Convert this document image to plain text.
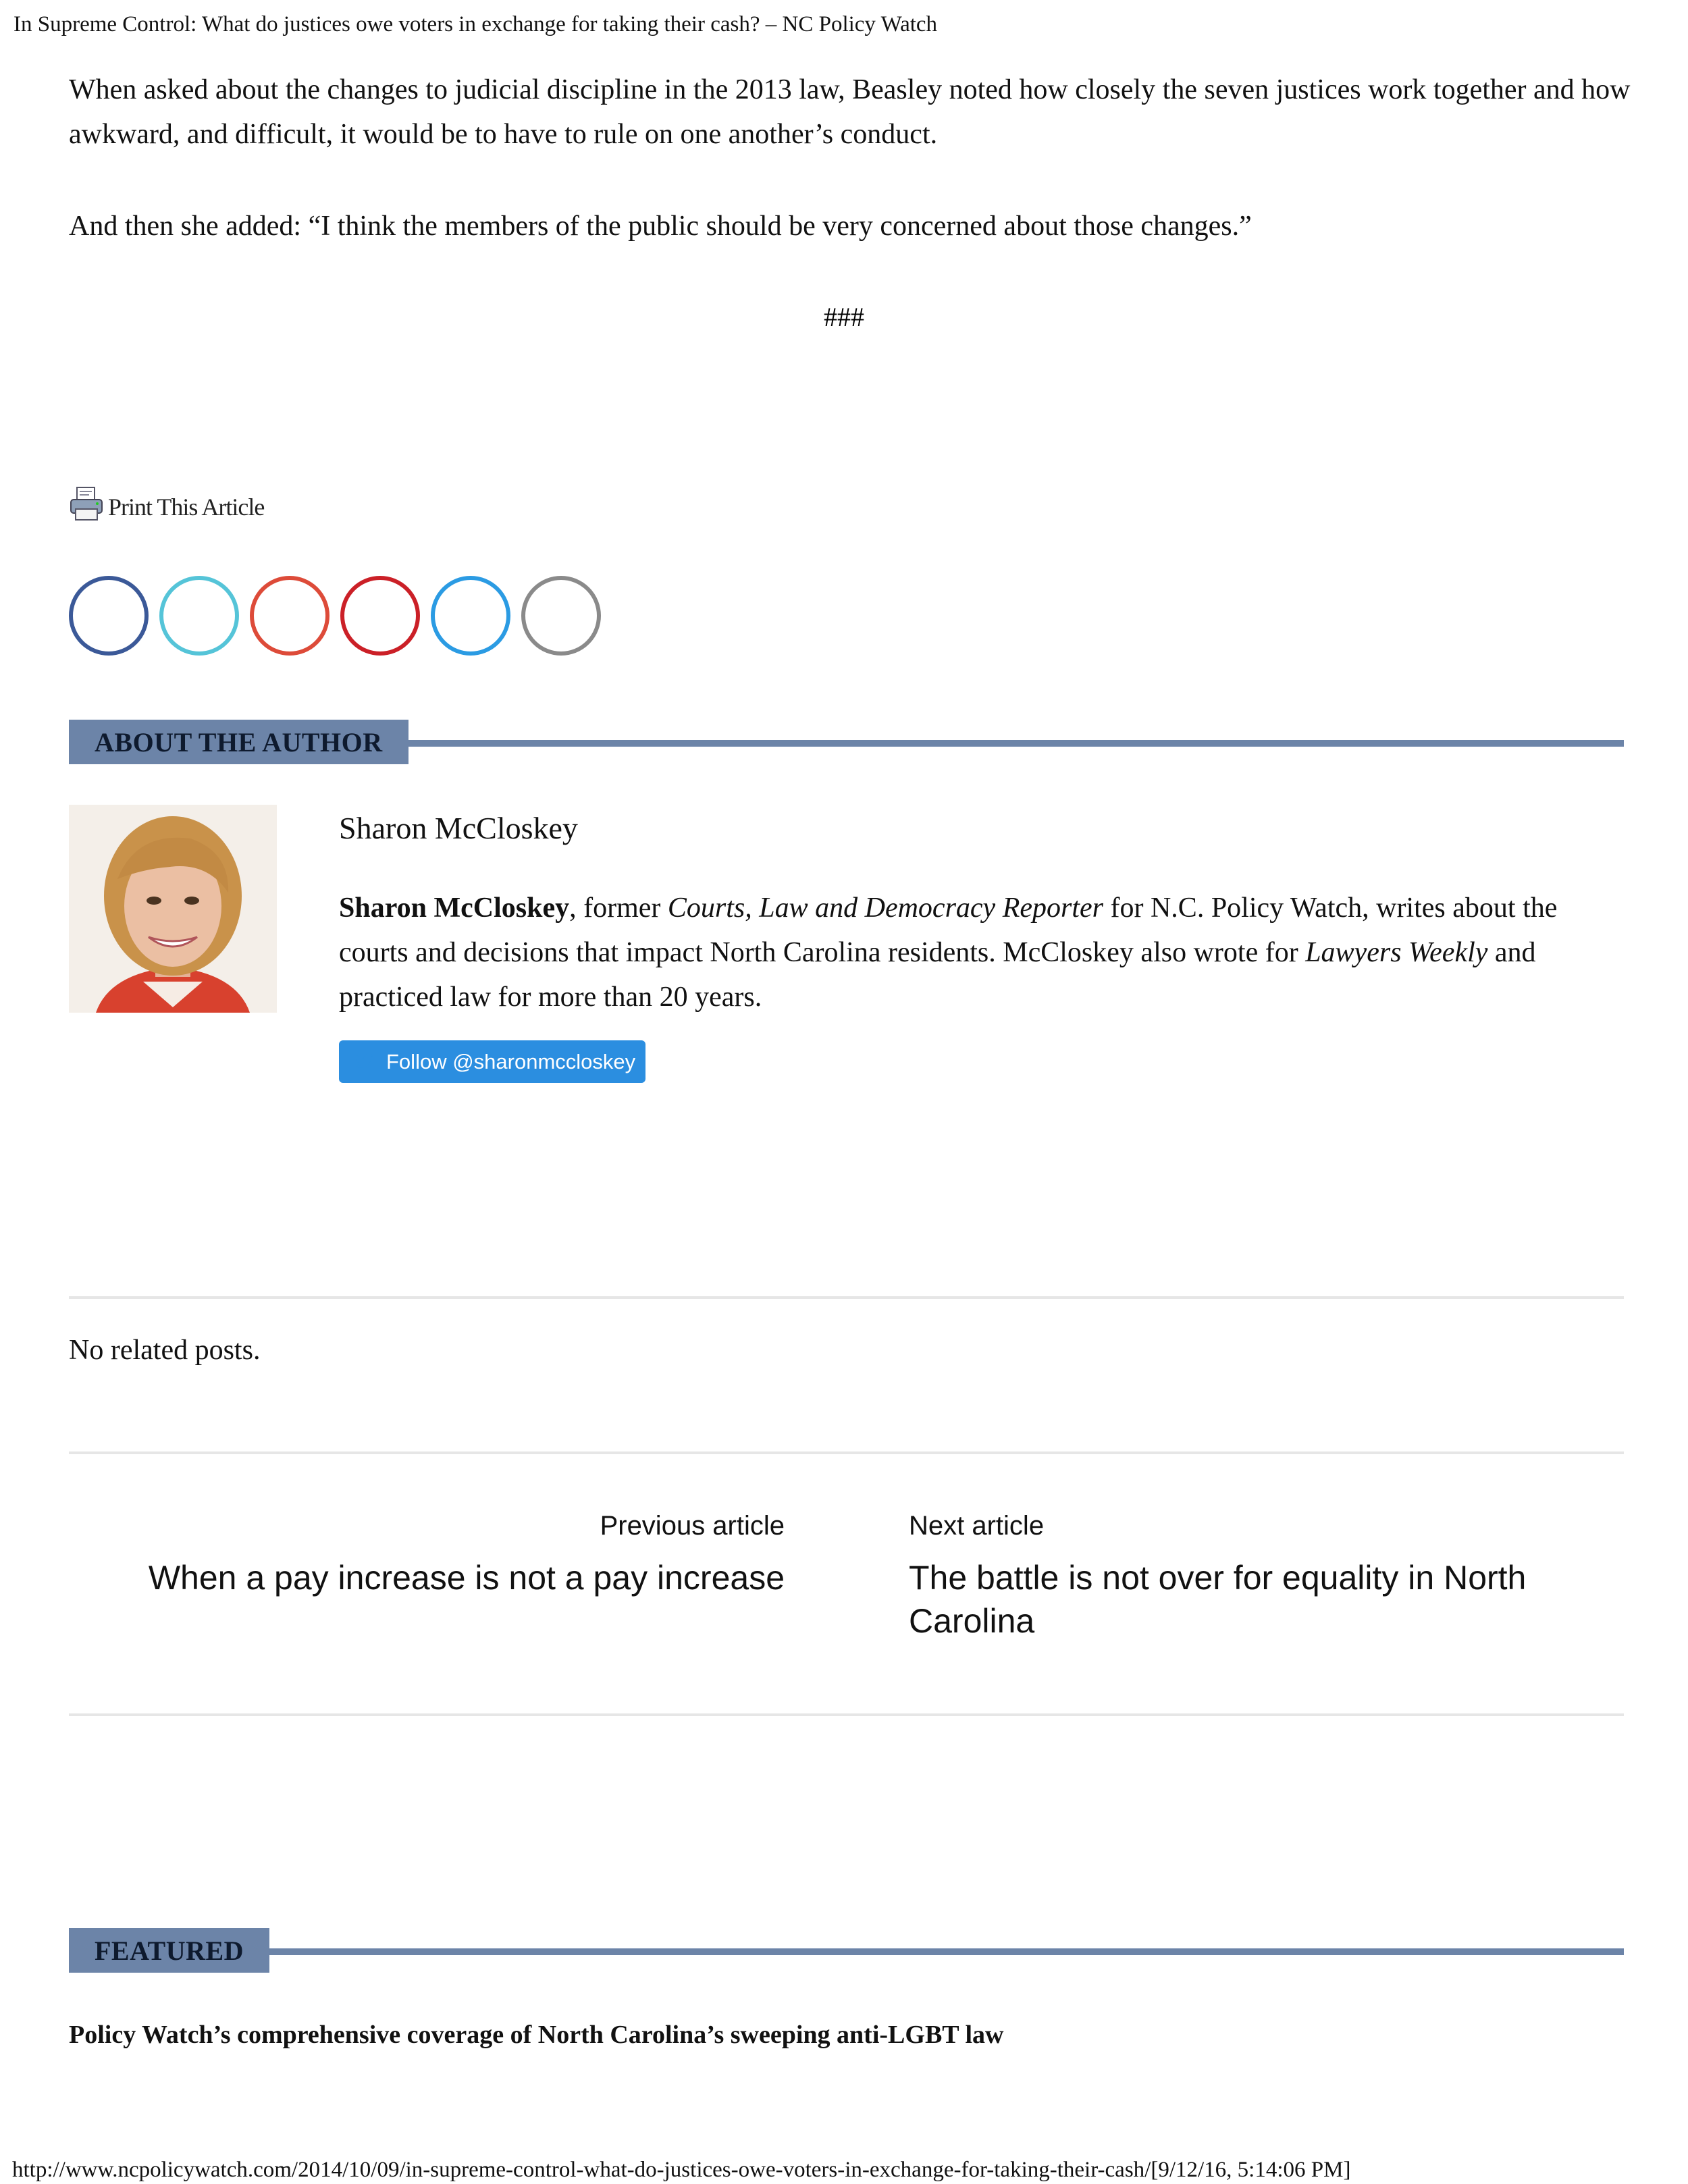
In Supreme Control: What do justices owe voters in exchange for taking their cash? – NC Policy Watch
When asked about the changes to judicial discipline in the 2013 law, Beasley noted how closely the seven justices work together and how awkward, and difficult, it would be to have to rule on one another’s conduct.
And then she added: “I think the members of the public should be very concerned about those changes.”
###
Print This Article
ABOUT THE AUTHOR
Sharon McCloskey
Sharon McCloskey, former Courts, Law and Democracy Reporter for N.C. Policy Watch, writes about the courts and decisions that impact North Carolina residents. McCloskey also wrote for Lawyers Weekly and practiced law for more than 20 years.
Follow @sharonmccloskey
No related posts.
Previous article
When a pay increase is not a pay increase
Next article
The battle is not over for equality in North Carolina
FEATURED
Policy Watch’s comprehensive coverage of North Carolina’s sweeping anti-LGBT law
http://www.ncpolicywatch.com/2014/10/09/in-supreme-control-what-do-justices-owe-voters-in-exchange-for-taking-their-cash/[9/12/16, 5:14:06 PM]
